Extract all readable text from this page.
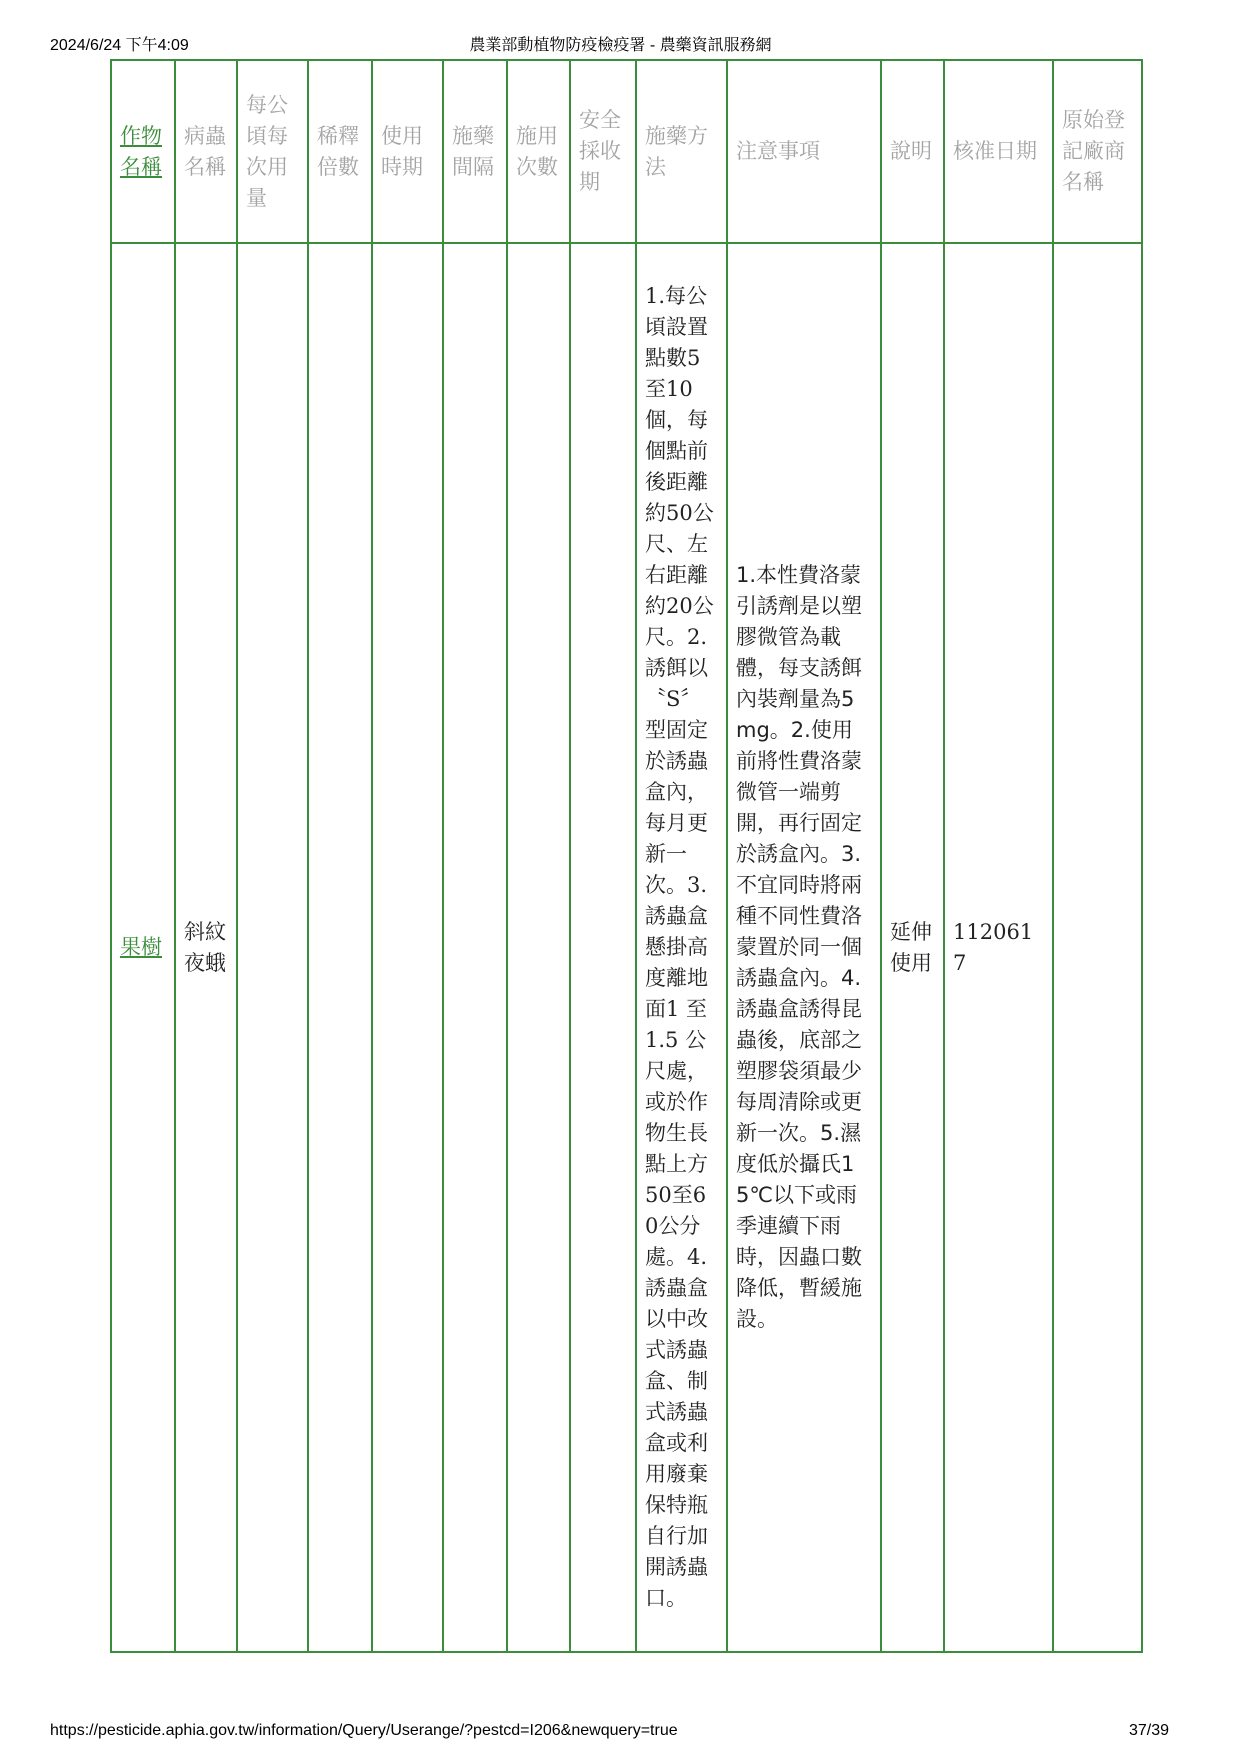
2024/6/24 下午4:09	農業部動植物防疫檢疫署 - 農藥資訊服務網
作物名稱	病蟲名稱	每公頃每次用量	稀釋倍數	使用時期	施藥間隔	施用次數	安全採收期	施藥方法	注意事項	說明	核准日期	原始登記廠商名稱
果樹	斜紋夜蛾							1.每公頃設置點數5至10個，每個點前後距離約50公尺、左右距離約20公尺。2.誘餌以〝S〞型固定於誘蟲盒內，每月更新一次。3.誘蟲盒懸掛高度離地面1 至1.5 公尺處，或於作物生長點上方50至60公分處。4.誘蟲盒以中改式誘蟲盒、制式誘蟲盒或利用廢棄保特瓶自行加開誘蟲口。	1.本性費洛蒙引誘劑是以塑膠微管為載體，每支誘餌內裝劑量為5mg。2.使用前將性費洛蒙微管一端剪開，再行固定於誘盒內。3.不宜同時將兩種不同性費洛蒙置於同一個誘蟲盒內。4.誘蟲盒誘得昆蟲後，底部之塑膠袋須最少每周清除或更新一次。5.濕度低於攝氏15℃以下或雨季連續下雨時，因蟲口數降低，暫緩施設。	延伸使用	1120617	
https://pesticide.aphia.gov.tw/information/Query/Userange/?pestcd=I206&newquery=true	37/39
